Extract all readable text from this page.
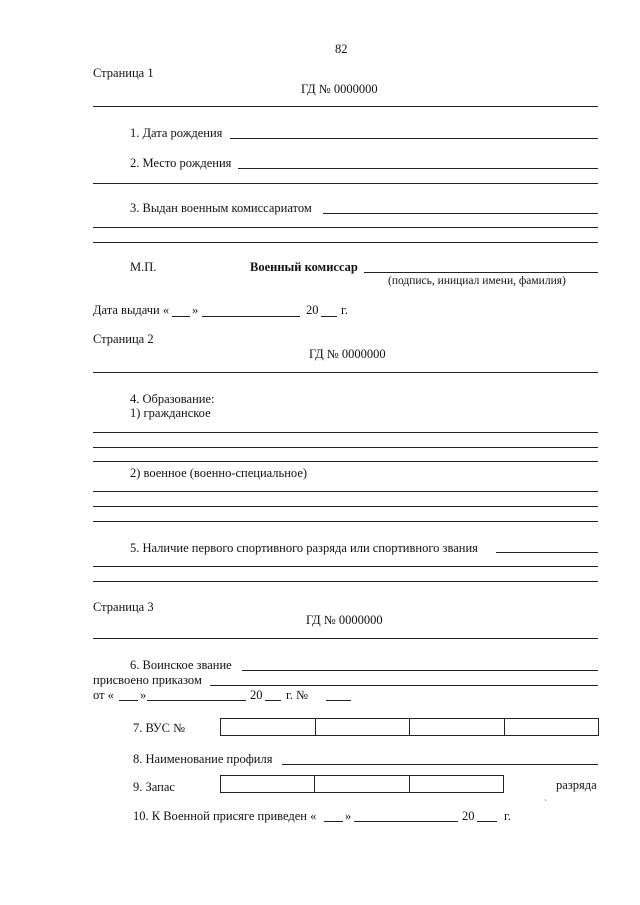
82
Страница 1
ГД № 0000000
1. Дата рождения
2. Место рождения
3. Выдан военным комиссариатом
М.П.	Военный комиссар
(подпись, инициал имени, фамилия)
Дата выдачи « »	20 г.
Страница 2
ГД № 0000000
4. Образование:
1) гражданское
2) военное (военно-специальное)
5. Наличие первого спортивного разряда или спортивного звания
Страница 3
ГД № 0000000
6. Воинское звание
присвоено приказом
от « »	20 г. №
7. ВУС №
8. Наименование профиля
9. Запас	разряда
`
10. К Военной присяге приведен « »	20 г.
